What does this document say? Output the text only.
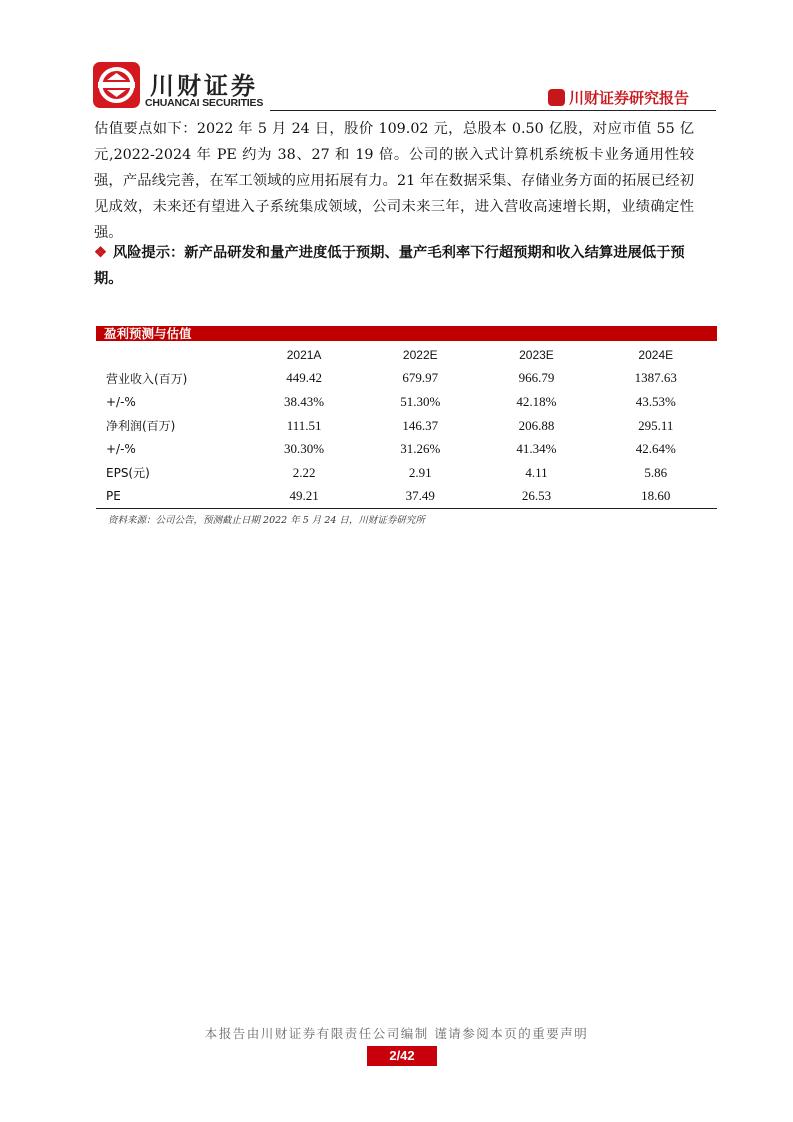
川财证券
CHUANCAI SECURITIES	川财证券研究报告
估值要点如下：2022 年 5 月 24 日，股价 109.02 元，总股本 0.50 亿股，对应市值 55 亿元,2022-2024 年 PE 约为 38、27 和 19 倍。公司的嵌入式计算机系统板卡业务通用性较强，产品线完善，在军工领域的应用拓展有力。21 年在数据采集、存储业务方面的拓展已经初见成效，未来还有望进入子系统集成领域，公司未来三年，进入营收高速增长期，业绩确定性强。
❖ 风险提示：新产品研发和量产进度低于预期、量产毛利率下行超预期和收入结算进展低于预期。
盈利预测与估值
	2021A	2022E	2023E	2024E
营业收入(百万)	449.42	679.97	966.79	1387.63
+/-%	38.43%	51.30%	42.18%	43.53%
净利润(百万)	111.51	146.37	206.88	295.11
+/-%	30.30%	31.26%	41.34%	42.64%
EPS(元)	2.22	2.91	4.11	5.86
PE	49.21	37.49	26.53	18.60
资料来源：公司公告，预测截止日期 2022 年 5 月 24 日，川财证券研究所
本报告由川财证券有限责任公司编制 谨请参阅本页的重要声明
2/42
